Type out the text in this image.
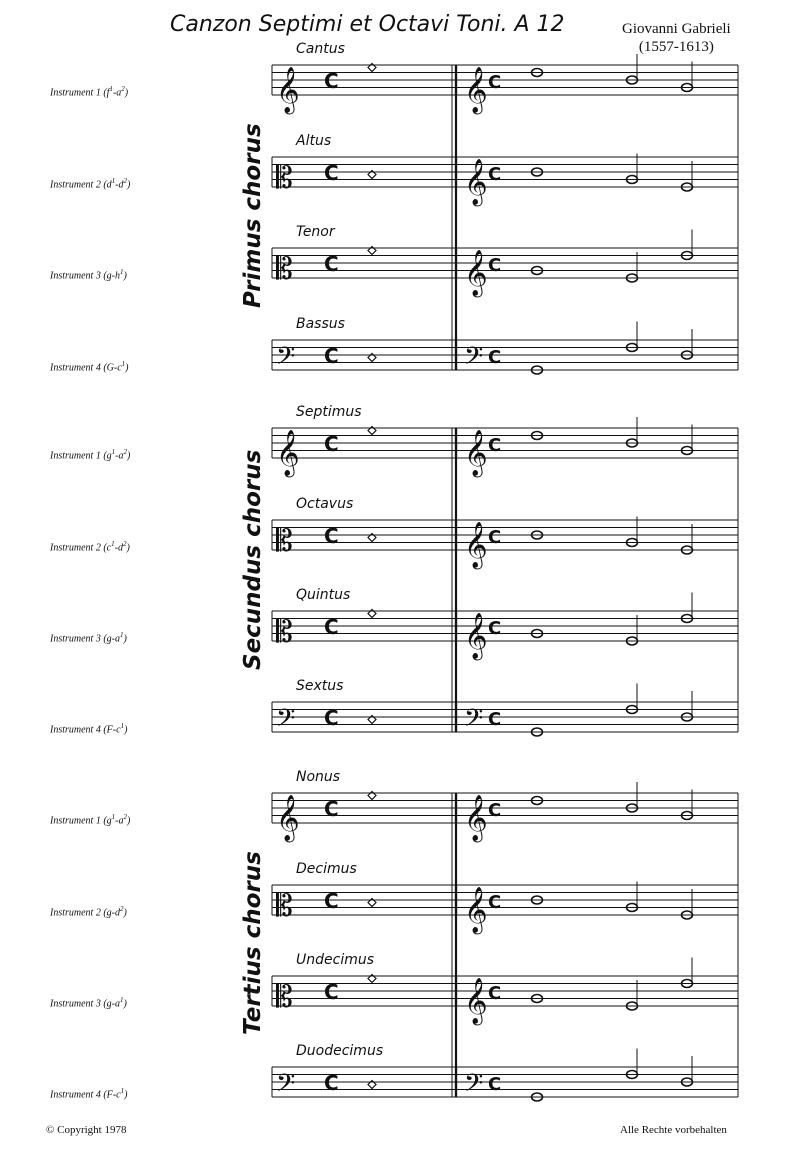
Canzon Septimi et Octavi Toni. A 12	Giovanni Gabrieli
(1557-1613)
Instrument 1 $(f^1-a^2)$
Cantus
Instrument 2 $(d^1-d^2)$
Altus
Instrument 3 $(g-h^1)$
Tenor
Instrument 4 $(G-c^1)$
Bassus
Primus chorus
Instrument 1 $(g^1-a^2)$
Septimus
Instrument 2 $(c^1-d^2)$
Octavus
Instrument 3 $(g-a^1)$
Quintus
Instrument 4 $(F-c^1)$
Sextus
Secundus chorus
Instrument 1 $(g^1-a^2)$
Nonus
Instrument 2 $(g-d^2)$
Decimus
Instrument 3 $(g-a^1)$
Undecimus
Instrument 4 $(F-c^1)$
Duodecimus
Tertius chorus
𝄞 C	𝄞 C
𝄡 C	𝄞 C
𝄡 C	𝄞 C
𝄢 C	𝄢 C
𝄞 C	𝄞 C
𝄡 C	𝄞 C
𝄡 C	𝄞 C
𝄢 C	𝄢 C
𝄞 C	𝄞 C
𝄡 C	𝄞 C
𝄡 C	𝄞 C
𝄢 C	𝄢 C
© Copyright 1978	Alle Rechte vorbehalten
